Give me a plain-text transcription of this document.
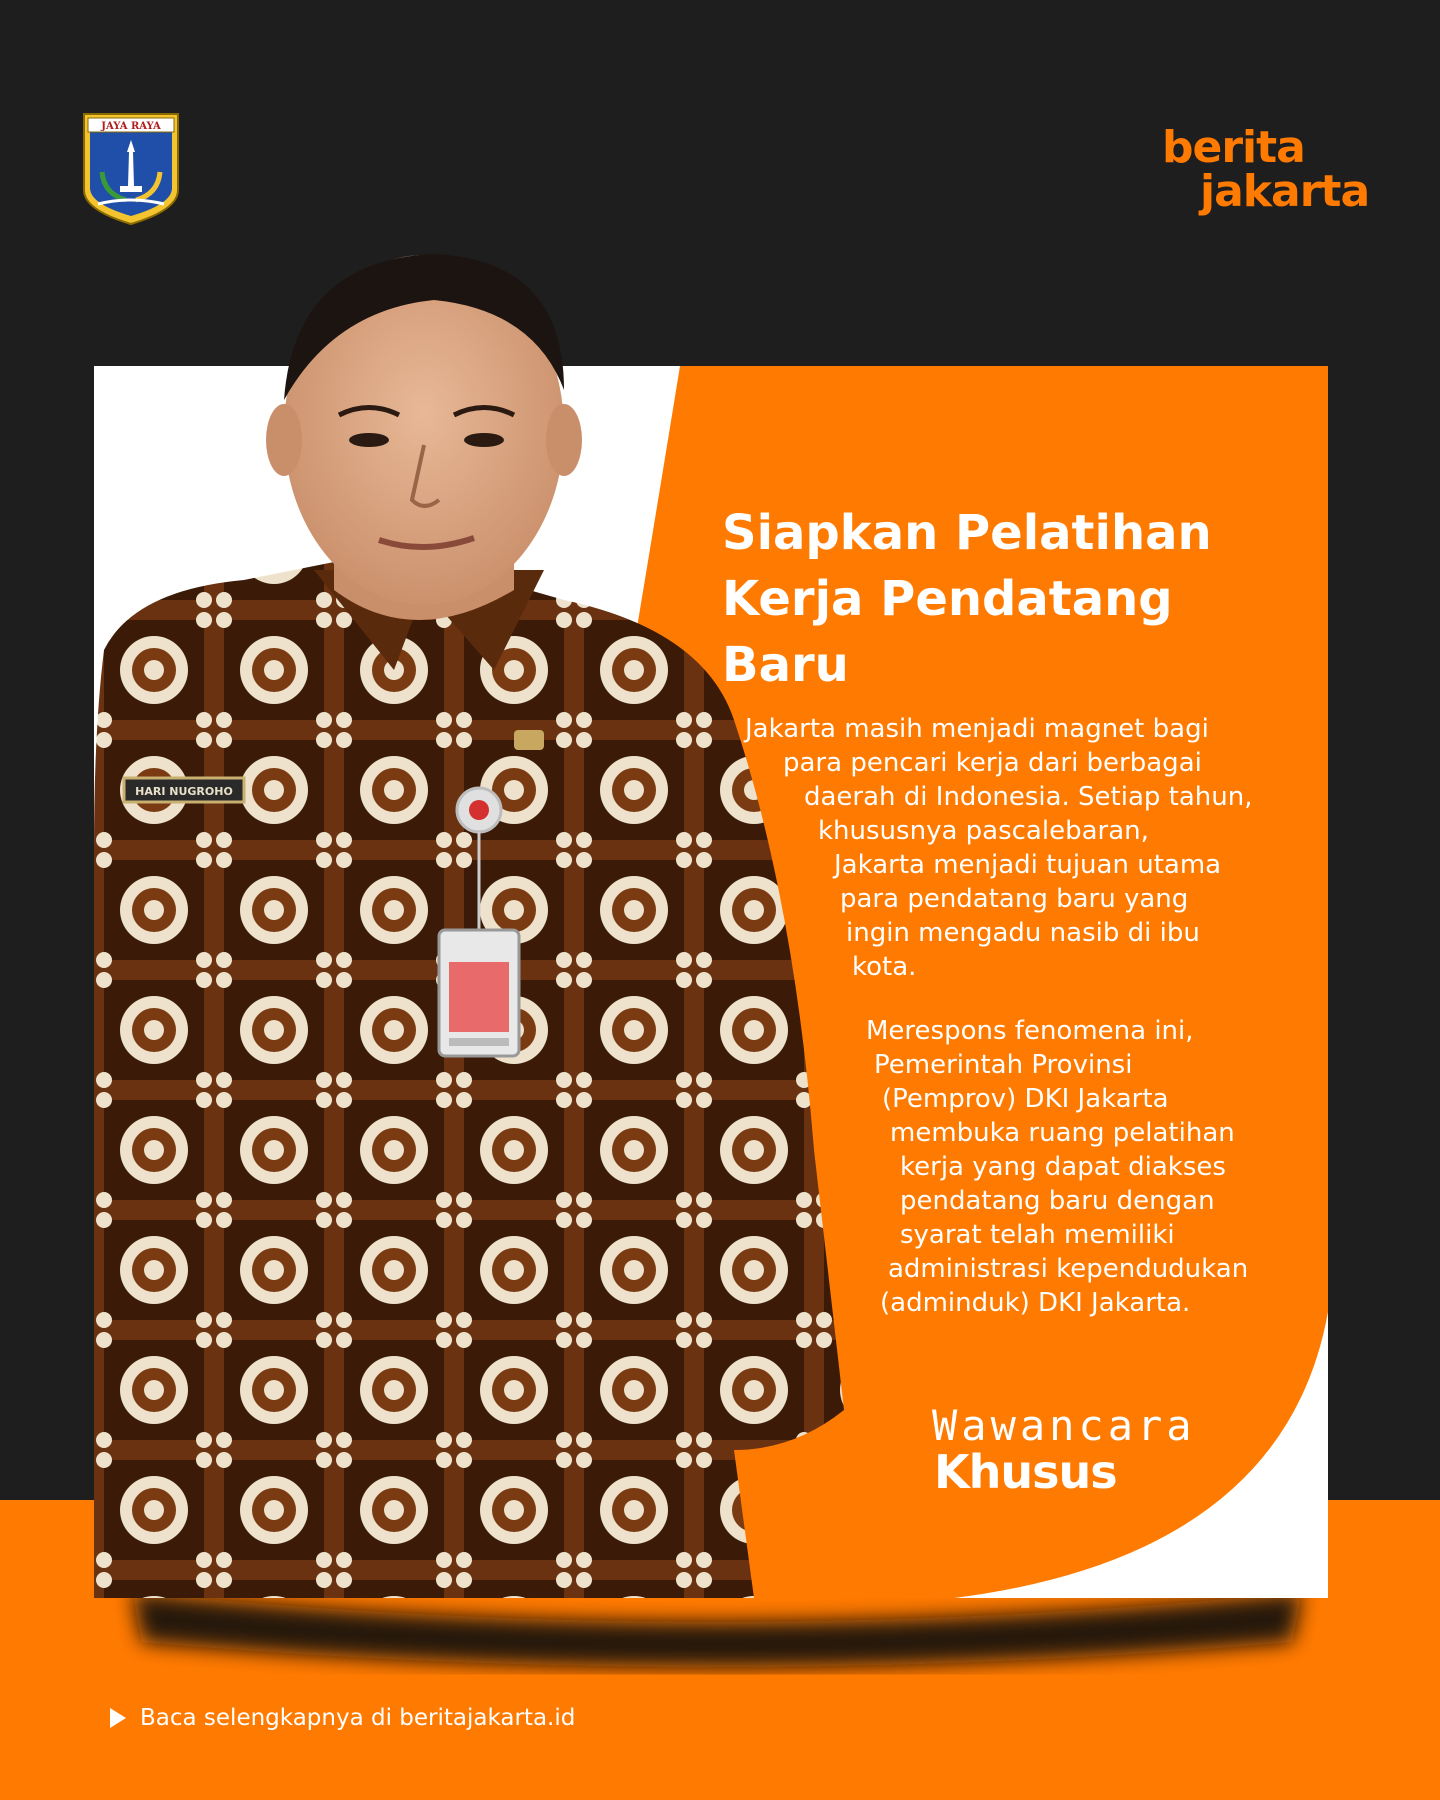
JAYA RAYA	berita
jakarta
HARI NUGROHO
Siapkan Pelatihan Kerja Pendatang Baru
Jakarta masih menjadi magnet bagi
para pencari kerja dari berbagai
daerah di Indonesia. Setiap tahun,
khususnya pascalebaran,
Jakarta menjadi tujuan utama
para pendatang baru yang
ingin mengadu nasib di ibu
kota.
Merespons fenomena ini,
Pemerintah Provinsi
(Pemprov) DKI Jakarta
membuka ruang pelatihan
kerja yang dapat diakses
pendatang baru dengan
syarat telah memiliki
administrasi kependudukan
(adminduk) DKI Jakarta.
Wawancara
Khusus
Baca selengkapnya di beritajakarta.id
